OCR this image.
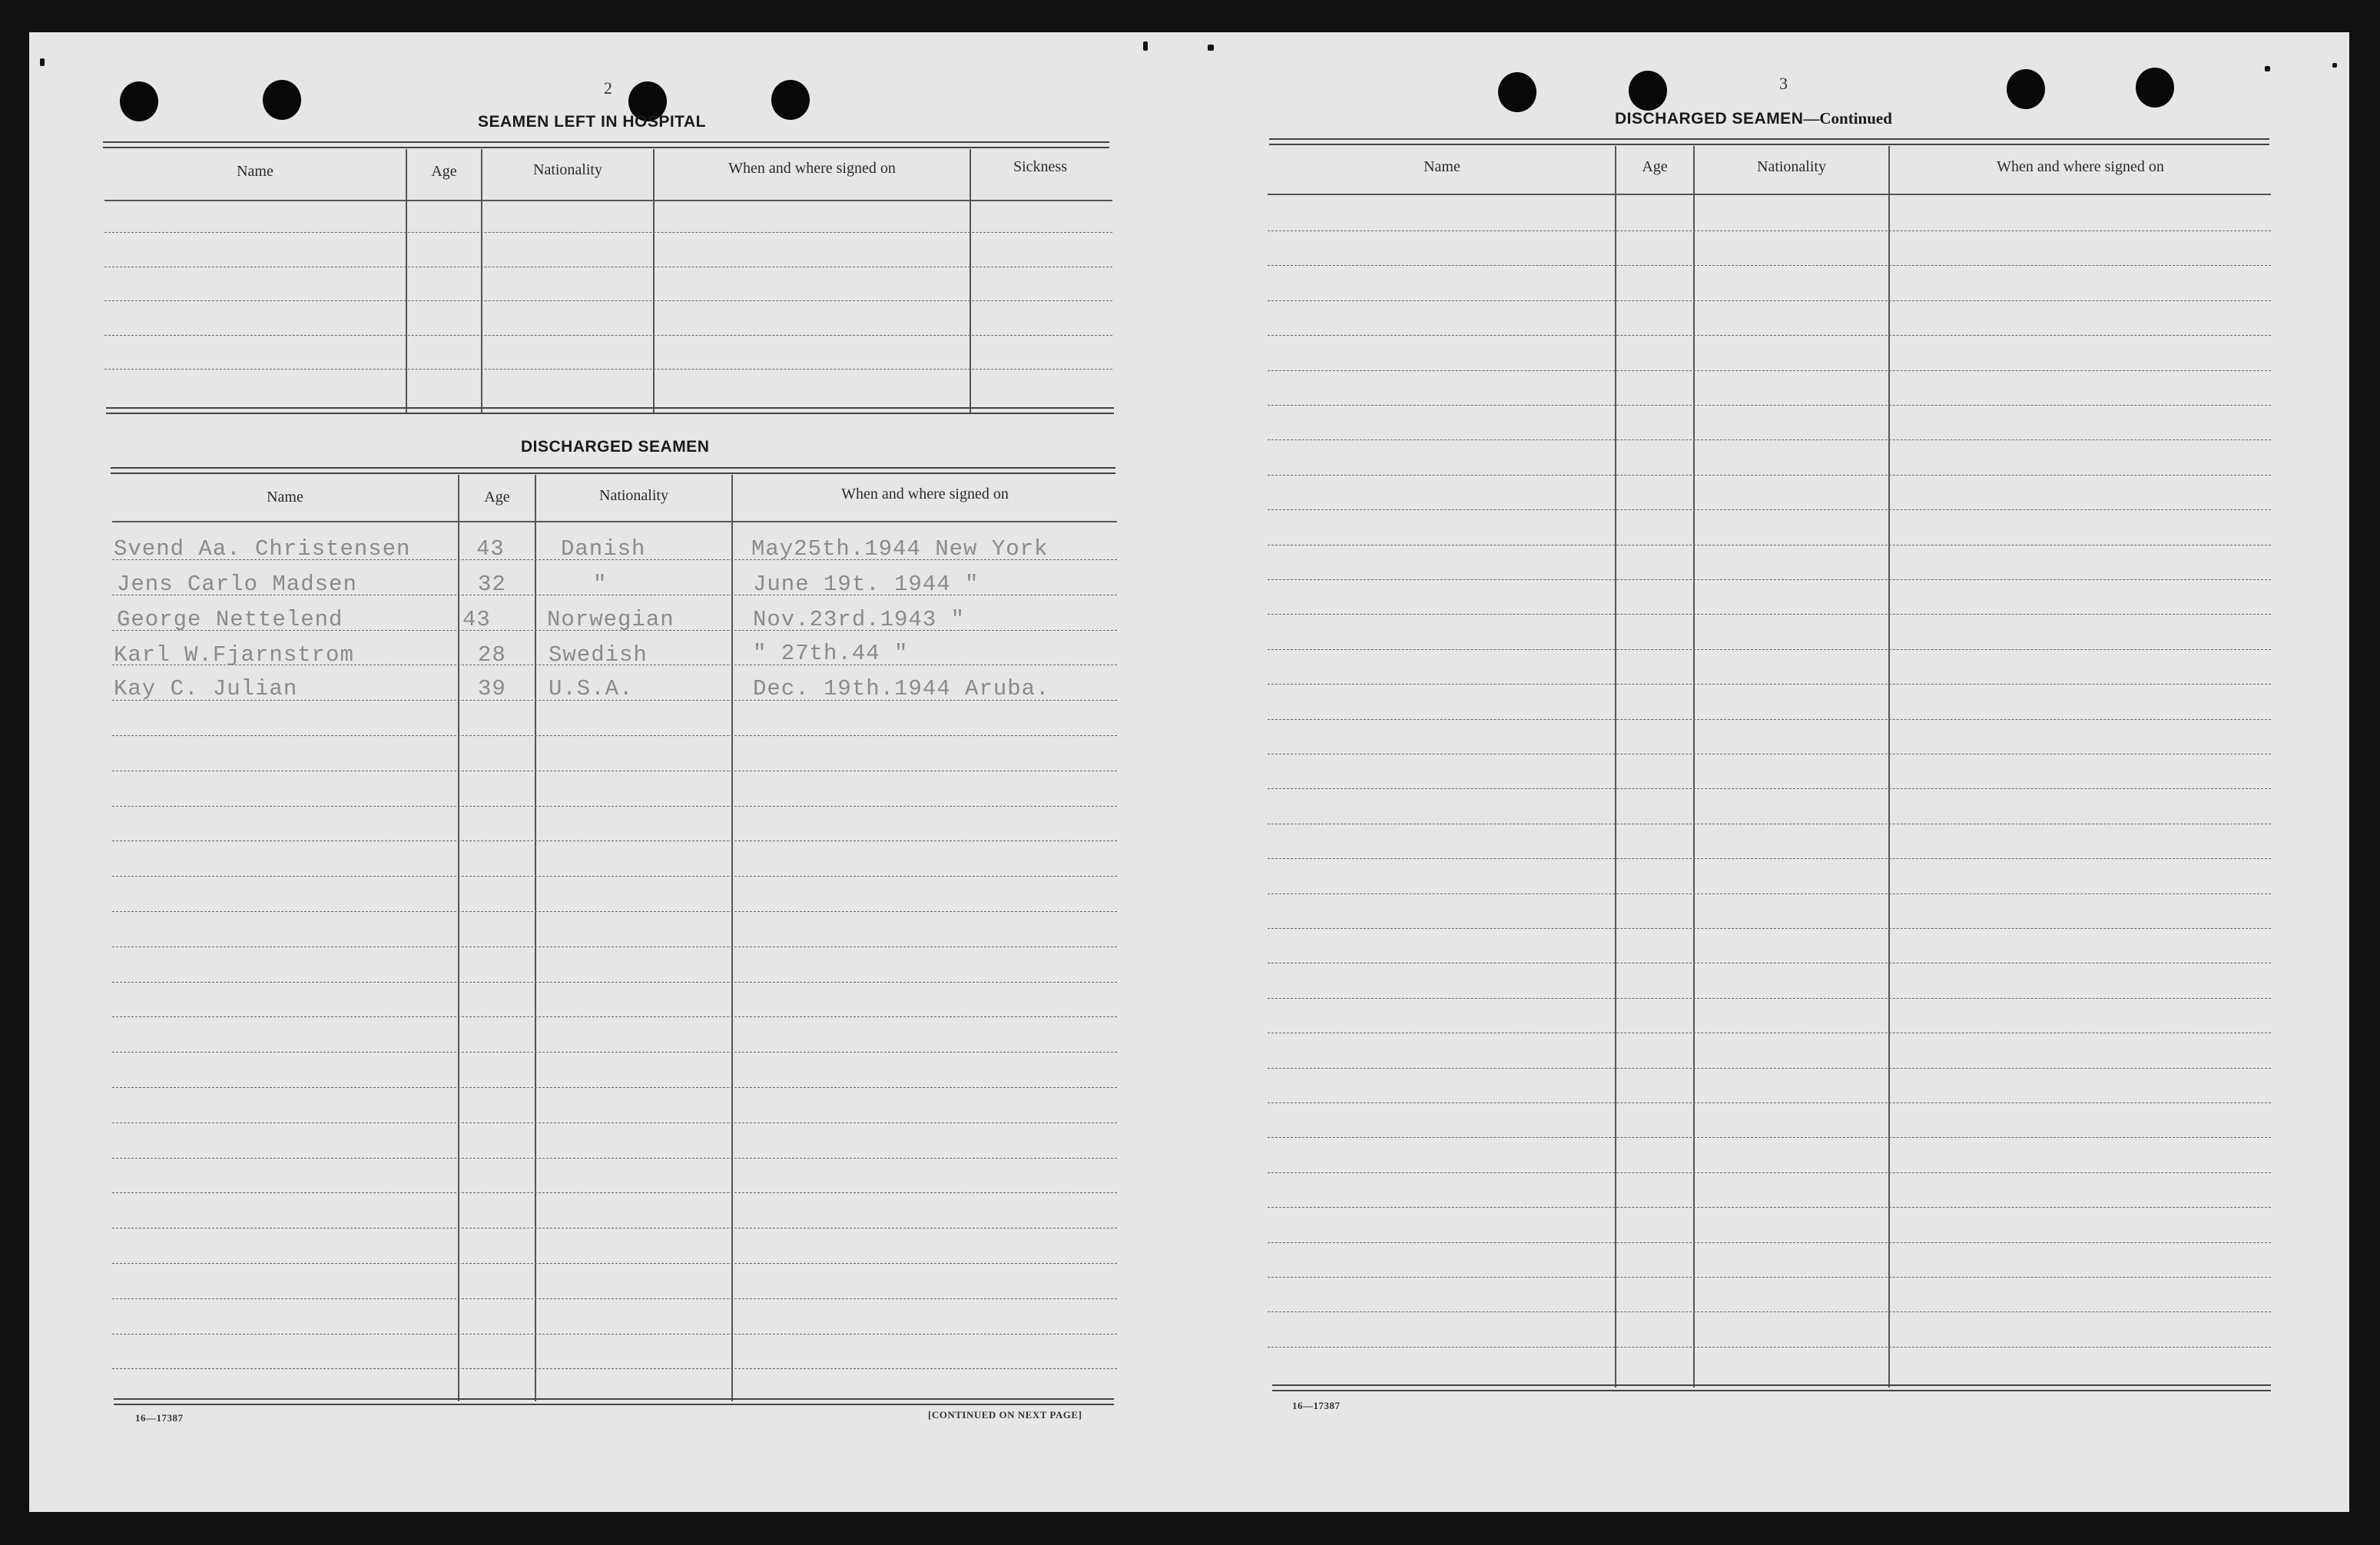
2
SEAMEN LEFT IN HOSPITAL
Name	Age	Nationality	When and where signed on	Sickness
DISCHARGED SEAMEN
Name	Age	Nationality	When and where signed on
Svend Aa. Christensen	43	Danish	May25th.1944 New York
Jens Carlo Madsen	32	"	June 19t. 1944 "
George Nettelend	43	Norwegian	Nov.23rd.1943 "
Karl W.Fjarnstrom	28 Swedish	" 27th.44 "
Kay C. Julian	39 U.S.A.	Dec. 19th.1944 Aruba.
16—17387	[CONTINUED ON NEXT PAGE]
3
DISCHARGED SEAMEN—Continued
Name	Age	Nationality	When and where signed on
16—17387
